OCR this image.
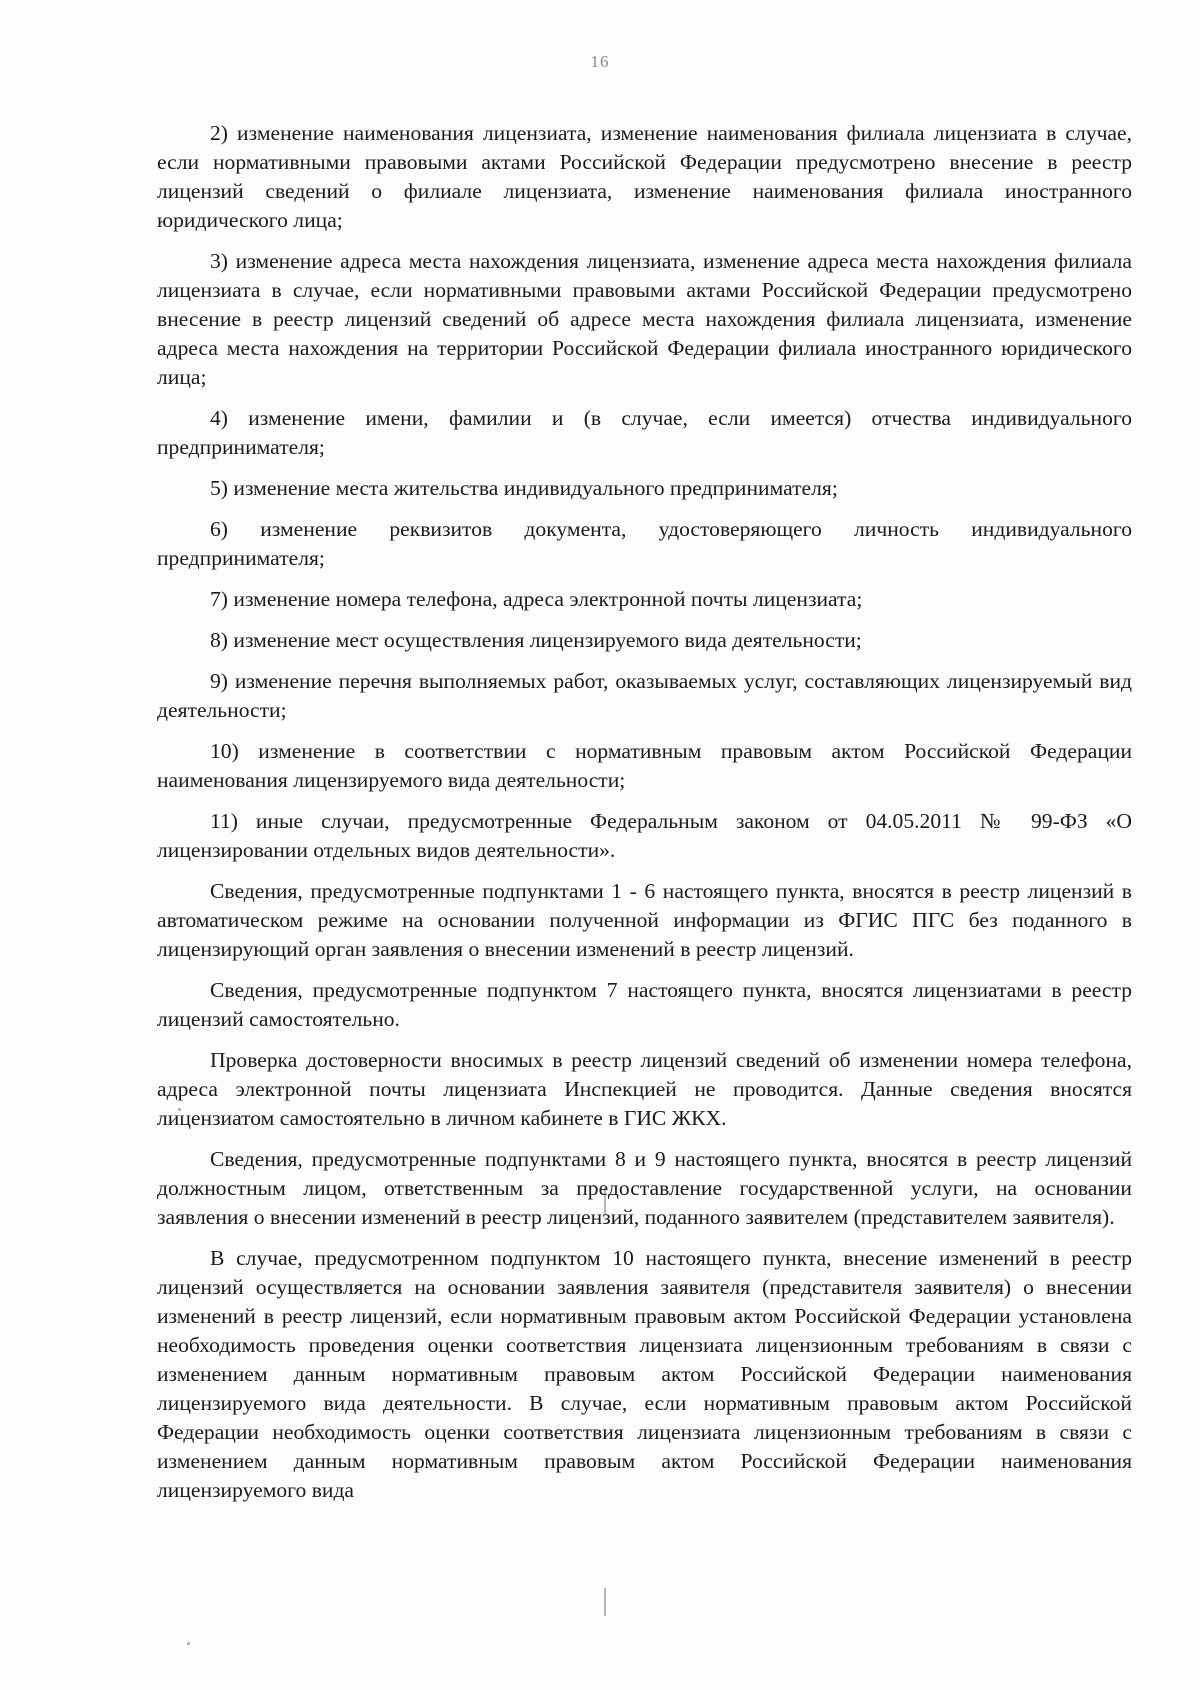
16

2) изменение наименования лицензиата, изменение наименования филиала лицензиата в случае, если нормативными правовыми актами Российской Федерации предусмотрено внесение в реестр лицензий сведений о филиале лицензиата, изменение наименования филиала иностранного юридического лица;

3) изменение адреса места нахождения лицензиата, изменение адреса места нахождения филиала лицензиата в случае, если нормативными правовыми актами Российской Федерации предусмотрено внесение в реестр лицензий сведений об адресе места нахождения филиала лицензиата, изменение адреса места нахождения на территории Российской Федерации филиала иностранного юридического лица;

4) изменение имени, фамилии и (в случае, если имеется) отчества индивидуального предпринимателя;

5) изменение места жительства индивидуального предпринимателя;

6) изменение реквизитов документа, удостоверяющего личность индивидуального предпринимателя;

7) изменение номера телефона, адреса электронной почты лицензиата;

8) изменение мест осуществления лицензируемого вида деятельности;

9) изменение перечня выполняемых работ, оказываемых услуг, составляющих лицензируемый вид деятельности;

10) изменение в соответствии с нормативным правовым актом Российской Федерации наименования лицензируемого вида деятельности;

11) иные случаи, предусмотренные Федеральным законом от 04.05.2011 № 99-ФЗ «О лицензировании отдельных видов деятельности».

Сведения, предусмотренные подпунктами 1 - 6 настоящего пункта, вносятся в реестр лицензий в автоматическом режиме на основании полученной информации из ФГИС ПГС без поданного в лицензирующий орган заявления о внесении изменений в реестр лицензий.

Сведения, предусмотренные подпунктом 7 настоящего пункта, вносятся лицензиатами в реестр лицензий самостоятельно.

Проверка достоверности вносимых в реестр лицензий сведений об изменении номера телефона, адреса электронной почты лицензиата Инспекцией не проводится. Данные сведения вносятся лицензиатом самостоятельно в личном кабинете в ГИС ЖКХ.

Сведения, предусмотренные подпунктами 8 и 9 настоящего пункта, вносятся в реестр лицензий должностным лицом, ответственным за предоставление государственной услуги, на основании заявления о внесении изменений в реестр лицензий, поданного заявителем (представителем заявителя).

В случае, предусмотренном подпунктом 10 настоящего пункта, внесение изменений в реестр лицензий осуществляется на основании заявления заявителя (представителя заявителя) о внесении изменений в реестр лицензий, если нормативным правовым актом Российской Федерации установлена необходимость проведения оценки соответствия лицензиата лицензионным требованиям в связи с изменением данным нормативным правовым актом Российской Федерации наименования лицензируемого вида деятельности. В случае, если нормативным правовым актом Российской Федерации необходимость оценки соответствия лицензиата лицензионным требованиям в связи с изменением данным нормативным правовым актом Российской Федерации наименования лицензируемого вида
